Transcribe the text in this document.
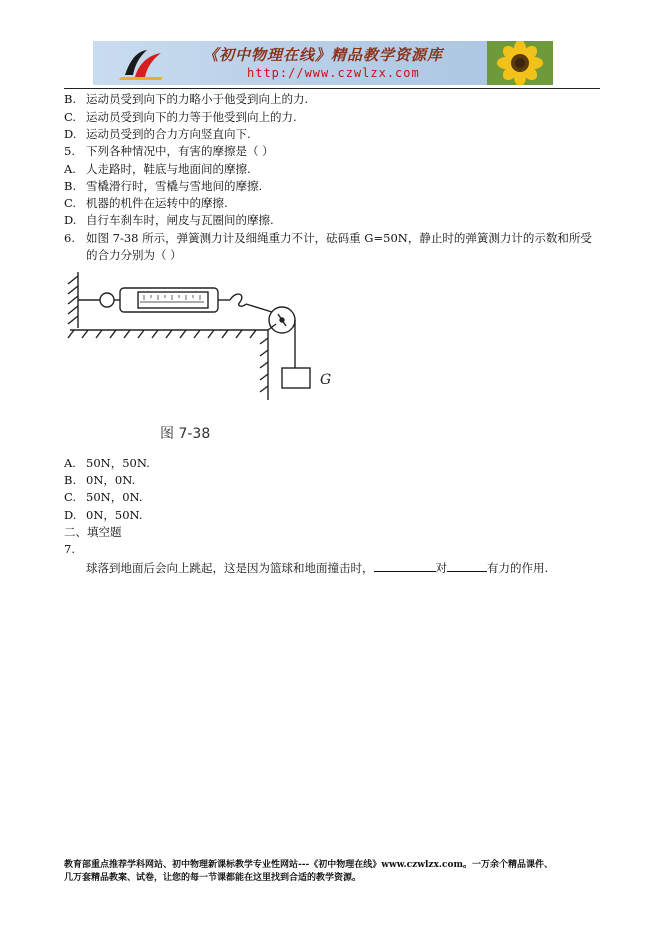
《初中物理在线》精品教学资源库
http://www.czwlzx.com
B. 运动员受到向下的力略小于他受到向上的力.
C. 运动员受到向下的力等于他受到向上的力.
D. 运动员受到的合力方向竖直向下.
5. 下列各种情况中，有害的摩擦是（ ）
A. 人走路时，鞋底与地面间的摩擦.
B. 雪橇滑行时，雪橇与雪地间的摩擦.
C. 机器的机件在运转中的摩擦.
D. 自行车刹车时，闸皮与瓦圈间的摩擦.
6. 如图 7-38 所示，弹簧测力计及细绳重力不计，砝码重 G=50N，静止时的弹簧测力计的示数和所受
的合力分别为（ ）
G
图 7-38
A. 50N，50N.
B. 0N，0N.
C. 50N，0N.
D. 0N，50N.
二、填空题
7.
球落到地面后会向上跳起，这是因为篮球和地面撞击时，	对	有力的作用.
教育部重点推荐学科网站、初中物理新课标教学专业性网站---《初中物理在线》www.czwlzx.com。一万余个精品课件、
几万套精品教案、试卷，让您的每一节课都能在这里找到合适的教学资源。
